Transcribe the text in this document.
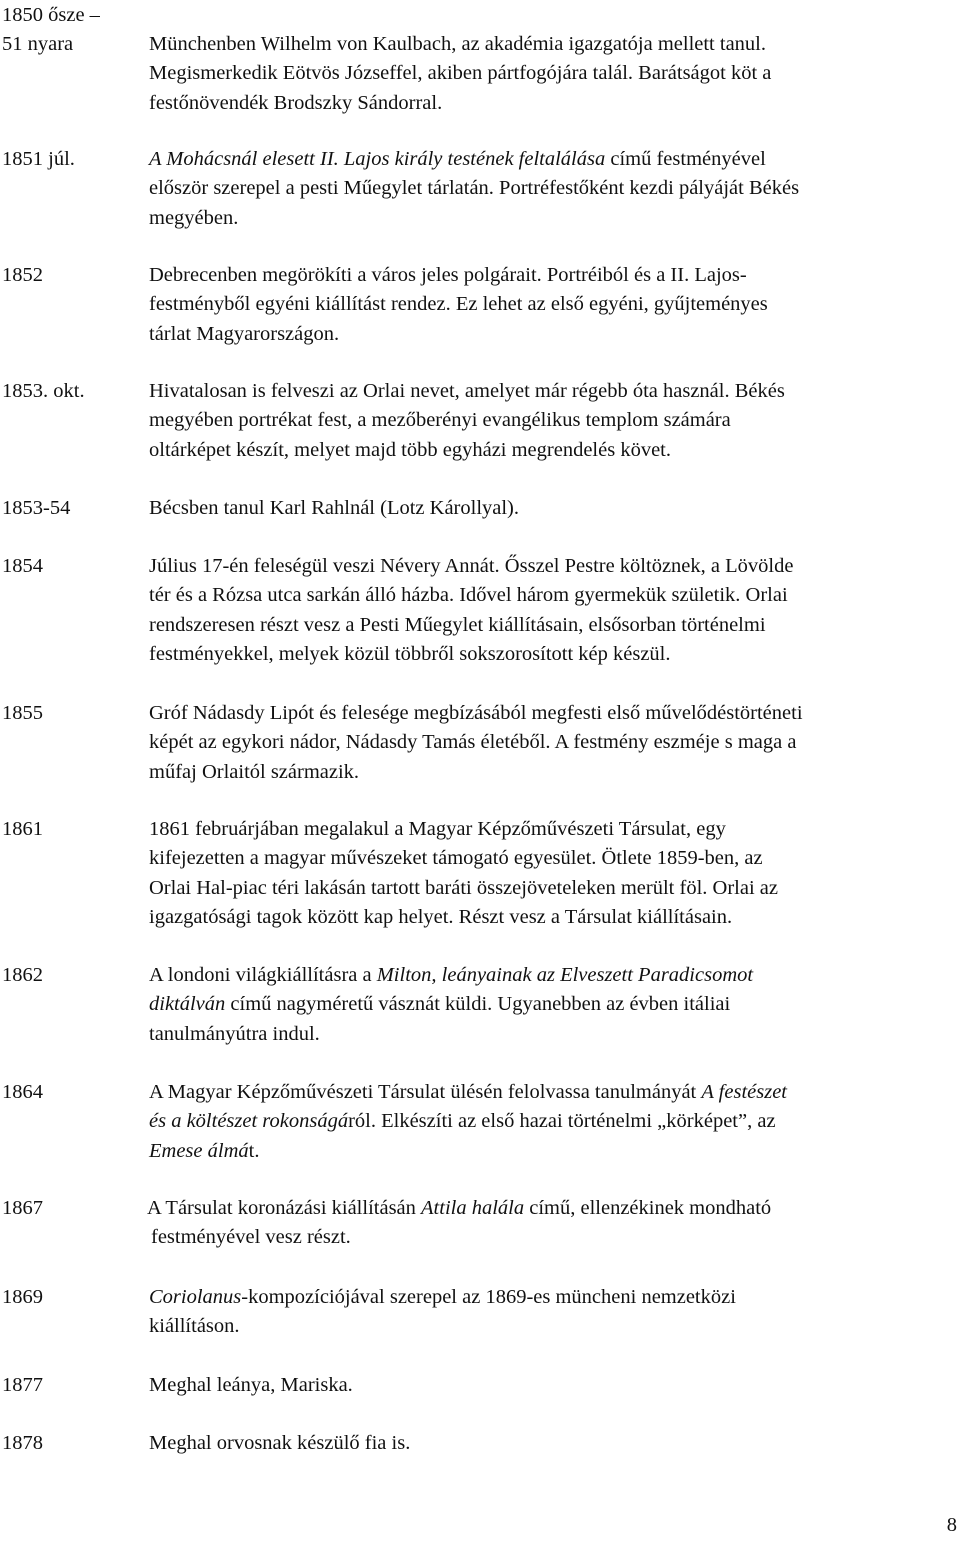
1850 ősze –
51 nyara	Münchenben Wilhelm von Kaulbach, az akadémia igazgatója mellett tanul.
Megismerkedik Eötvös Józseffel, akiben pártfogójára talál. Barátságot köt a
festőnövendék Brodszky Sándorral.
1851 júl.	A Mohácsnál elesett II. Lajos király testének feltalálása című festményével
először szerepel a pesti Műegylet tárlatán. Portréfestőként kezdi pályáját Békés
megyében.
1852	Debrecenben megörökíti a város jeles polgárait. Portréiból és a II. Lajos-
festményből egyéni kiállítást rendez. Ez lehet az első egyéni, gyűjteményes
tárlat Magyarországon.
1853. okt.	Hivatalosan is felveszi az Orlai nevet, amelyet már régebb óta használ. Békés
megyében portrékat fest, a mezőberényi evangélikus templom számára
oltárképet készít, melyet majd több egyházi megrendelés követ.
1853-54	Bécsben tanul Karl Rahlnál (Lotz Károllyal).
1854	Július 17-én feleségül veszi Névery Annát. Ősszel Pestre költöznek, a Lövölde
tér és a Rózsa utca sarkán álló házba. Idővel három gyermekük születik. Orlai
rendszeresen részt vesz a Pesti Műegylet kiállításain, elsősorban történelmi
festményekkel, melyek közül többről sokszorosított kép készül.
1855	Gróf Nádasdy Lipót és felesége megbízásából megfesti első művelődéstörténeti
képét az egykori nádor, Nádasdy Tamás életéből. A festmény eszméje s maga a
műfaj Orlaitól származik.
1861	1861 februárjában megalakul a Magyar Képzőművészeti Társulat, egy
kifejezetten a magyar művészeket támogató egyesület. Ötlete 1859-ben, az
Orlai Hal-piac téri lakásán tartott baráti összejöveteleken merült föl. Orlai az
igazgatósági tagok között kap helyet. Részt vesz a Társulat kiállításain.
1862	A londoni világkiállításra a Milton, leányainak az Elveszett Paradicsomot
diktálván című nagyméretű vásznát küldi. Ugyanebben az évben itáliai
tanulmányútra indul.
1864	A Magyar Képzőművészeti Társulat ülésén felolvassa tanulmányát A festészet
és a költészet rokonságáról. Elkészíti az első hazai történelmi „körképet”, az
Emese álmát.
1867	A Társulat koronázási kiállításán Attila halála című, ellenzékinek mondható
festményével vesz részt.
1869	Coriolanus-kompozíciójával szerepel az 1869-es müncheni nemzetközi
kiállításon.
1877	Meghal leánya, Mariska.
1878	Meghal orvosnak készülő fia is.
8
